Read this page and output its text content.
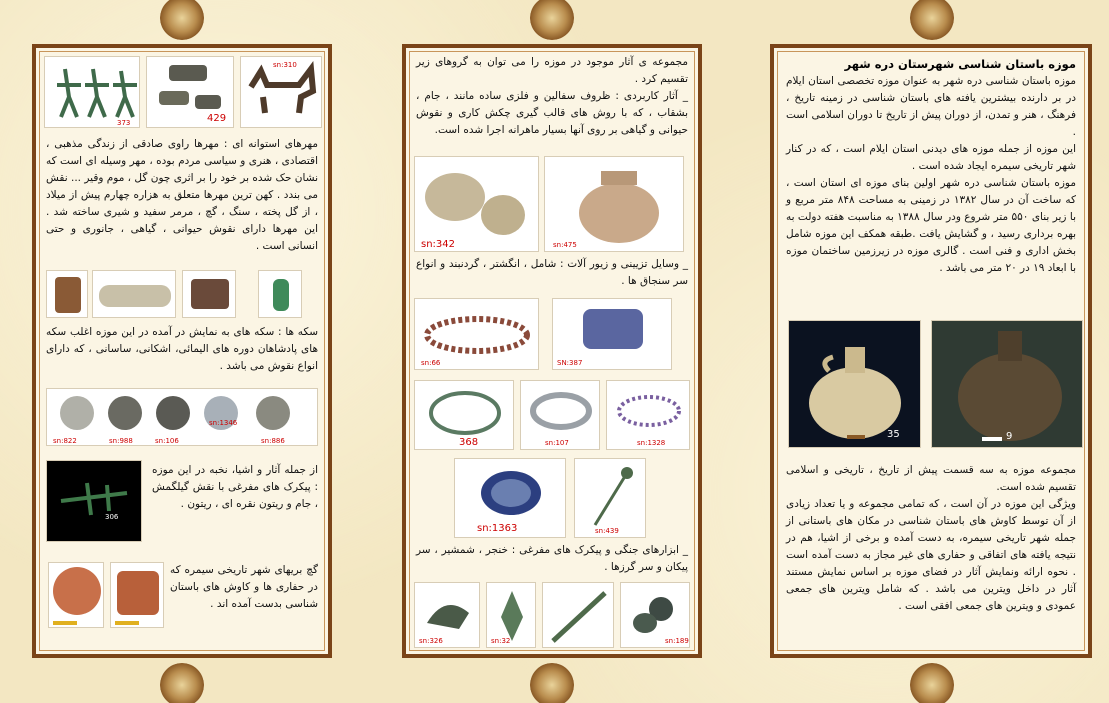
موزه باستان شناسی شهرستان دره شهر
موزه باستان شناسی دره شهر به عنوان موزه تخصصی استان ایلام در بر دارنده بیشترین یافته های باستان شناسی در زمینه تاریخ ، فرهنگ ، هنر و تمدن، از دوران پیش از تاریخ تا دوران اسلامی است .
این موزه از جمله موزه های دیدنی استان ایلام است ، که در کنار شهر تاریخی سیمره ایجاد شده است .
موزه باستان شناسی دره شهر اولین بنای موزه ای استان است ، که ساخت آن در سال ۱۳۸۲ در زمینی به مساحت ۸۴۸ متر مربع و با زیر بنای ۵۵۰ متر شروع ودر سال ۱۳۸۸ به مناسبت هفته دولت به بهره برداری رسید ، و گشایش یافت .طبقه همکف این موزه شامل بخش اداری و فنی است . گالری موزه در زیرزمین ساختمان موزه با ابعاد ۱۹ در ۲۰ متر می باشد .
35	9
مجموعه موزه به سه قسمت پیش از تاریخ ، تاریخی و اسلامی تقسیم شده است.
ویژگی این موزه در آن است ، که تمامی مجموعه و یا تعداد زیادی از آن توسط کاوش های باستان شناسی در مکان های باستانی از جمله شهر تاریخی سیمره، به دست آمده و برخی از اشیا، هم در نتیجه یافته های اتفاقی و حفاری های غیر مجاز به دست آمده است . نحوه ارائه ونمایش آثار در فضای موزه بر اساس نمایش مستند آثار در داخل ویترین می باشد . که شامل ویترین های جمعی عمودی و ویترین های جمعی افقی است .
مجموعه ی آثار موجود در موزه را می توان به گروهای زیر تقسیم کرد .
_ آثار کاربردی : ظروف سفالین و فلزی ساده مانند ، جام ، بشقاب ، که با روش های قالب گیری چکش کاری و نقوش حیوانی و گیاهی بر روی آنها بسیار ماهرانه اجرا شده است.
sn:342	sn:475
_ وسایل تزیینی و زیور آلات : شامل ، انگشتر ، گردنبند و انواع سر سنجاق ها .
sn:66	SN:387
368	sn:107	sn:1328
sn:1363	sn:439
_ ابزارهای جنگی و پیکرک های مفرغی : خنجر ، شمشیر ، سر پیکان و سر گرزها .
sn:326	sn:32	sn:189
373	429
sn:310
مهرهای استوانه ای : مهرها راوی صادقی از زندگی مذهبی ، اقتصادی ، هنری و سیاسی مردم بوده ، مهر وسیله ای است که نشان حک شده بر خود را بر اثری چون گل ، موم وقیر ... نقش می بندد . کهن ترین مهرها متعلق به هزاره چهارم پیش از میلاد ، از گل پخته ، سنگ ، گچ ، مرمر سفید و شیری ساخته شد . این مهرها دارای نقوش حیوانی ، گیاهی ، جانوری و حتی انسانی است .
سکه ها : سکه های به نمایش در آمده در این موزه اغلب سکه های پادشاهان دوره های الیمائی، اشکانی، ساسانی ، که دارای انواع نقوش می باشد .
sn:822	sn:988	sn:106
sn:1346
sn:886
306
از جمله آثار و اشیا، نخبه در این موزه : پیکرک های مفرغی با نقش گیلگمش ، جام و ریتون نقره ای ، ریتون .
گچ بریهای شهر تاریخی سیمره که در حفاری ها و کاوش های باستان شناسی بدست آمده اند .
